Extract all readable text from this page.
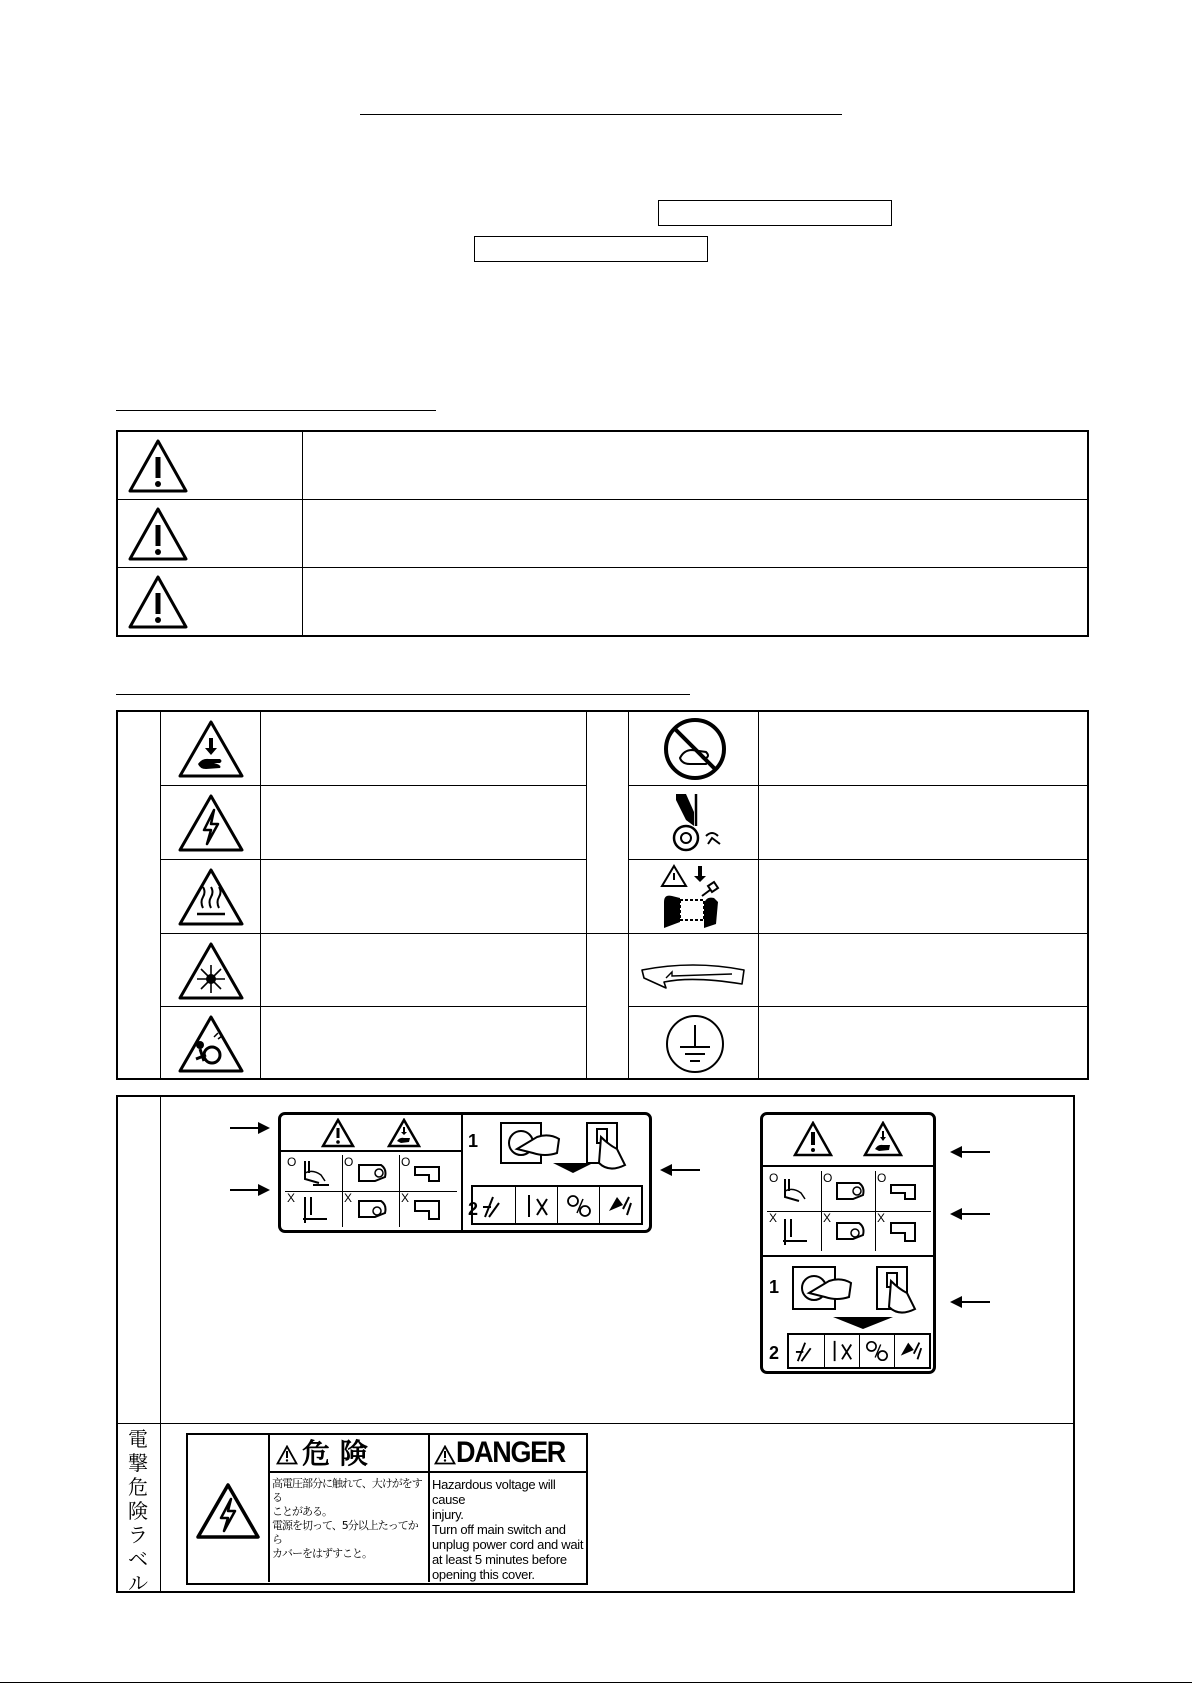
電
撃
危
険
ラ
ベ
ル
O	O	O
X	X	X
1
2
O	O	O
X	X	X
1
2
危 険	DANGER
高電圧部分に触れて、大けがをする
ことがある。
電源を切って、5分以上たってから
カバーをはずすこと。
Hazardous voltage will cause
injury.
Turn off main switch and
unplug power cord and wait
at least 5 minutes before
opening this cover.
